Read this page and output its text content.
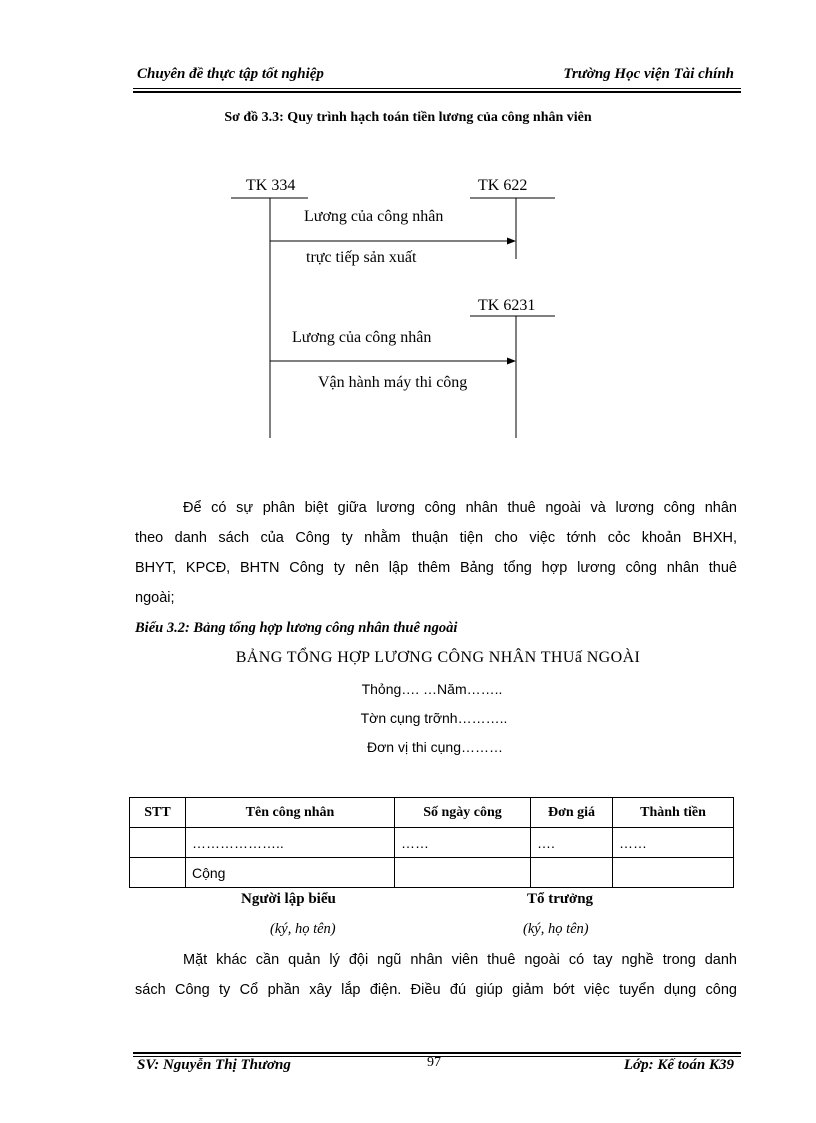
Chuyên đề thực tập tốt nghiệp	Trường Học viện Tài chính
Sơ đồ 3.3: Quy trình hạch toán tiền lương của công nhân viên
TK 334	TK 622
TK 6231
Lương của công nhân
trực tiếp sản xuất
Lương của công nhân
Vận hành máy thi công
Để có sự phân biệt giữa lương công nhân thuê ngoài và lương công nhân
theo danh sách của Công ty nhằm thuận tiện cho việc tớnh cỏc khoản BHXH,
BHYT, KPCĐ, BHTN Công ty nên lập thêm Bảng tổng hợp lương công nhân thuê
ngoài;
Biểu 3.2: Bảng tổng hợp lương công nhân thuê ngoài
BẢNG TỔNG HỢP LƯƠNG CÔNG NHÂN THUấ NGOÀI
Thỏng…. …Năm……..
Tờn cụng trỡnh………..
Đơn vị thi cụng………
STT	Tên công nhân	Số ngày công	Đơn giá	Thành tiền
	………………..	……	….	……
	Cộng			
Người lập biểu
(ký, họ tên)
Tổ trưởng
(ký, họ tên)
Mặt khác cần quản lý đội ngũ nhân viên thuê ngoài có tay nghề trong danh
sách Công ty Cổ phần xây lắp điện. Điều đú giúp giảm bớt việc tuyển dụng công
SV: Nguyễn Thị Thương	97	Lớp: Kế toán K39
